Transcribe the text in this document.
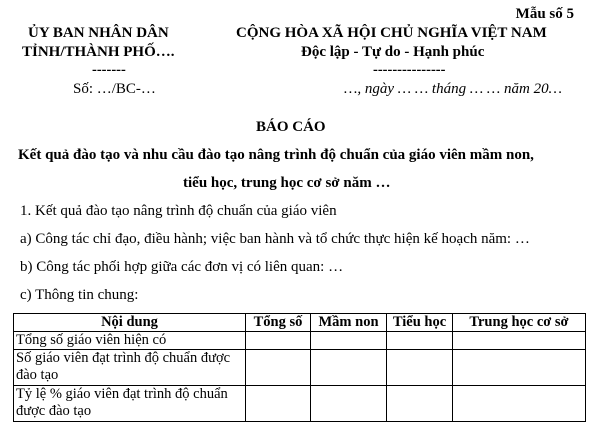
Mẫu số 5
ỦY BAN NHÂN DÂN
TỈNH/THÀNH PHỐ….
-------
Số: …/BC-…
CỘNG HÒA XÃ HỘI CHỦ NGHĨA VIỆT NAM
Độc lập - Tự do - Hạnh phúc
---------------
…, ngày … … tháng … … năm 20…
BÁO CÁO
Kết quả đào tạo và nhu cầu đào tạo nâng trình độ chuẩn của giáo viên mầm non,
tiểu học, trung học cơ sở năm …
1. Kết quả đào tạo nâng trình độ chuẩn của giáo viên
a) Công tác chỉ đạo, điều hành; việc ban hành và tổ chức thực hiện kế hoạch năm: …
b) Công tác phối hợp giữa các đơn vị có liên quan: …
c) Thông tin chung:
Nội dung	Tổng số	Mầm non	Tiểu học	Trung học cơ sở
Tổng số giáo viên hiện có				
Số giáo viên đạt trình độ chuẩn được đào tạo				
Tỷ lệ % giáo viên đạt trình độ chuẩn được đào tạo				
